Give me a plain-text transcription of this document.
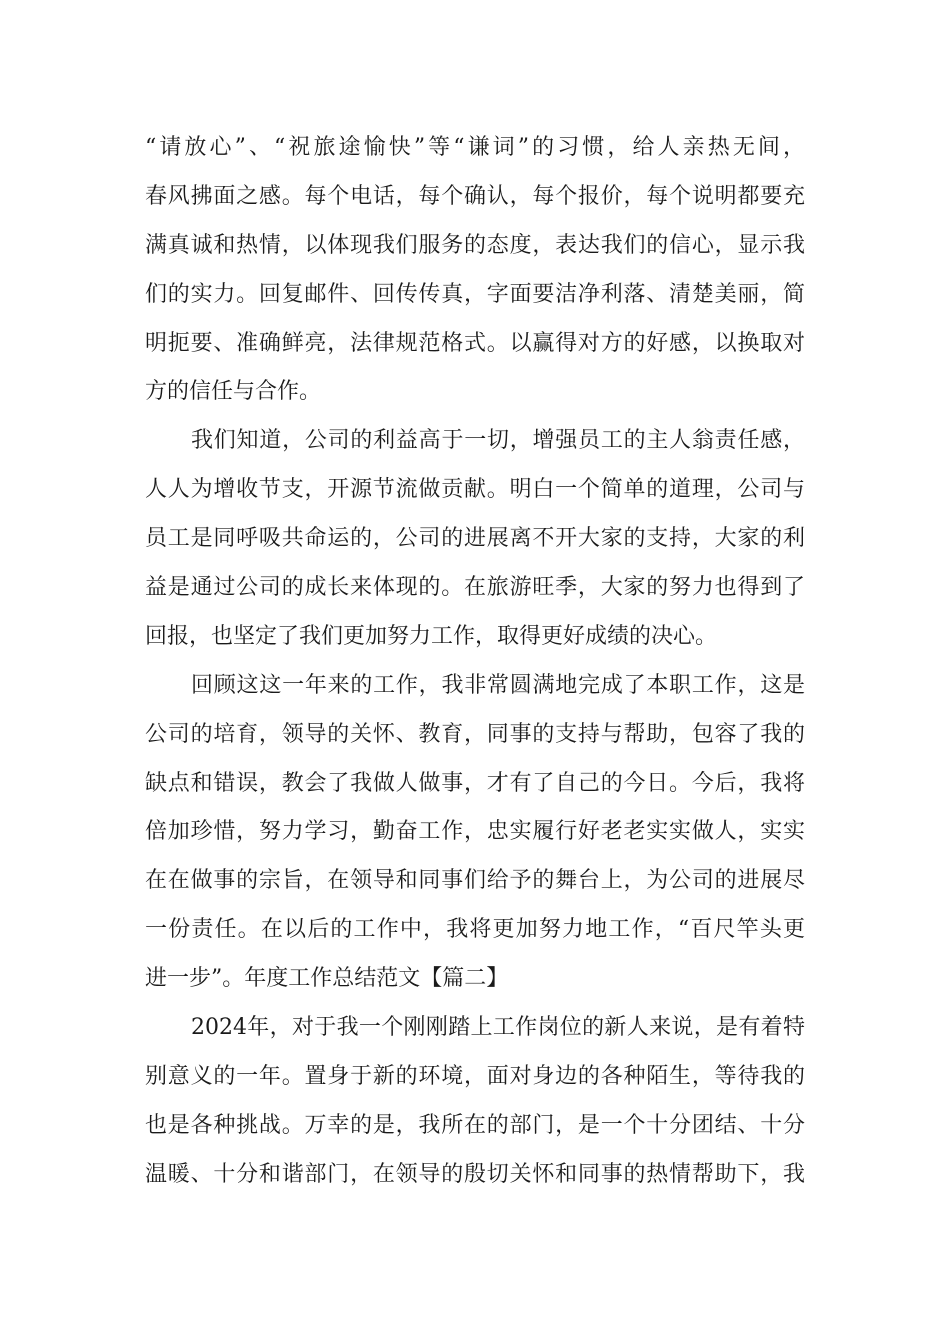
“请放心”、“祝旅途愉快”等“谦词”的习惯，给人亲热无间，
春风拂面之感。每个电话，每个确认，每个报价，每个说明都要充
满真诚和热情，以体现我们服务的态度，表达我们的信心，显示我
们的实力。回复邮件、回传传真，字面要洁净利落、清楚美丽，简
明扼要、准确鲜亮，法律规范格式。以赢得对方的好感，以换取对
方的信任与合作。
我们知道，公司的利益高于一切，增强员工的主人翁责任感，
人人为增收节支，开源节流做贡献。明白一个简单的道理，公司与
员工是同呼吸共命运的，公司的进展离不开大家的支持，大家的利
益是通过公司的成长来体现的。在旅游旺季，大家的努力也得到了
回报，也坚定了我们更加努力工作，取得更好成绩的决心。
回顾这这一年来的工作，我非常圆满地完成了本职工作，这是
公司的培育，领导的关怀、教育，同事的支持与帮助，包容了我的
缺点和错误，教会了我做人做事，才有了自己的今日。今后，我将
倍加珍惜，努力学习，勤奋工作，忠实履行好老老实实做人，实实
在在做事的宗旨，在领导和同事们给予的舞台上，为公司的进展尽
一份责任。在以后的工作中，我将更加努力地工作，“百尺竿头更
进一步”。年度工作总结范文【篇二】
2024年，对于我一个刚刚踏上工作岗位的新人来说，是有着特
别意义的一年。置身于新的环境，面对身边的各种陌生，等待我的
也是各种挑战。万幸的是，我所在的部门，是一个十分团结、十分
温暖、十分和谐部门，在领导的殷切关怀和同事的热情帮助下，我
